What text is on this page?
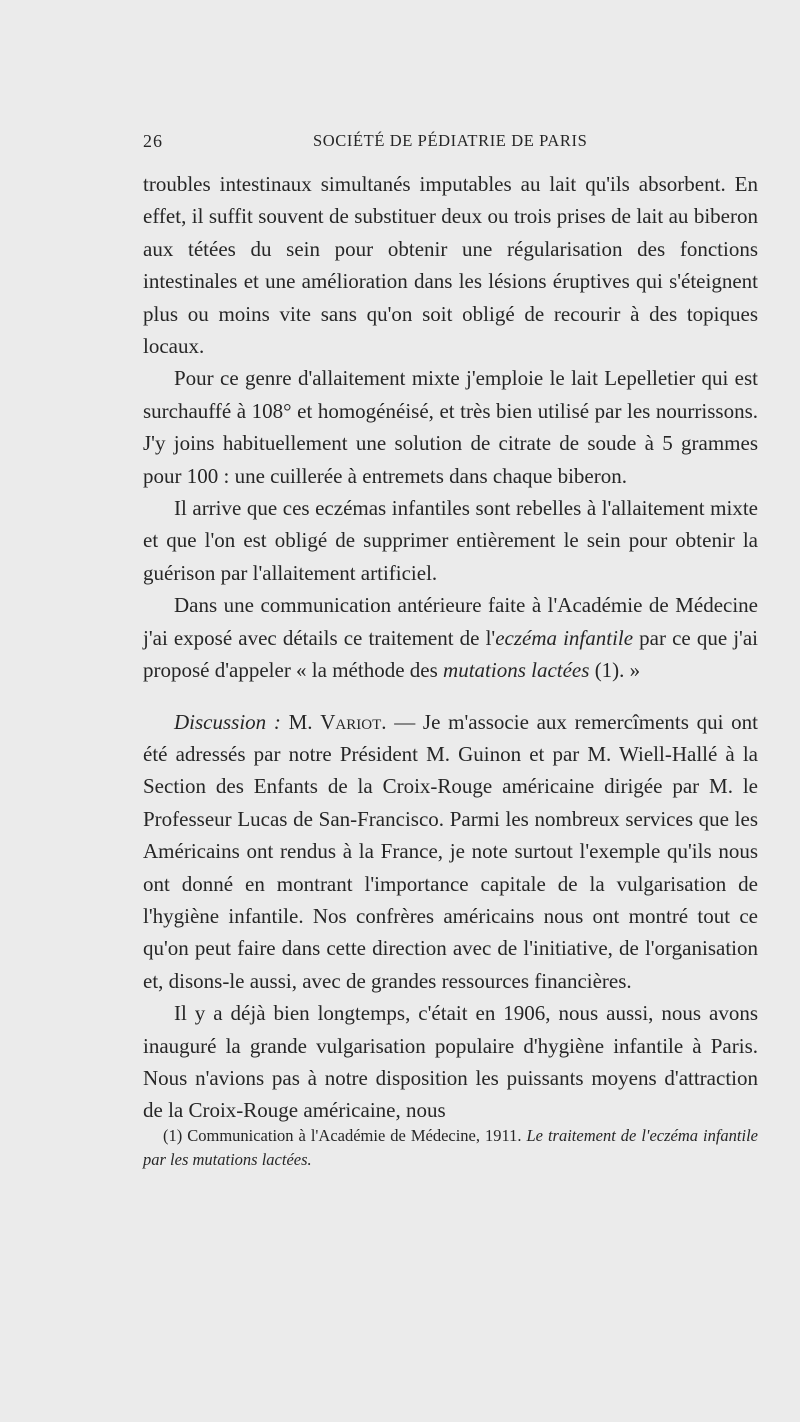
26	SOCIÉTÉ DE PÉDIATRIE DE PARIS

troubles intestinaux simultanés imputables au lait qu'ils absorbent. En effet, il suffit souvent de substituer deux ou trois prises de lait au biberon aux tétées du sein pour obtenir une régularisation des fonctions intestinales et une amélioration dans les lésions éruptives qui s'éteignent plus ou moins vite sans qu'on soit obligé de recourir à des topiques locaux.

Pour ce genre d'allaitement mixte j'emploie le lait Lepelletier qui est surchauffé à 108° et homogénéisé, et très bien utilisé par les nourrissons. J'y joins habituellement une solution de citrate de soude à 5 grammes pour 100 : une cuillerée à entremets dans chaque biberon.

Il arrive que ces eczémas infantiles sont rebelles à l'allaitement mixte et que l'on est obligé de supprimer entièrement le sein pour obtenir la guérison par l'allaitement artificiel.

Dans une communication antérieure faite à l'Académie de Médecine j'ai exposé avec détails ce traitement de l'eczéma infantile par ce que j'ai proposé d'appeler « la méthode des mutations lactées (1). »

Discussion : M. Variot. — Je m'associe aux remercîments qui ont été adressés par notre Président M. Guinon et par M. Wiell-Hallé à la Section des Enfants de la Croix-Rouge américaine dirigée par M. le Professeur Lucas de San-Francisco. Parmi les nombreux services que les Américains ont rendus à la France, je note surtout l'exemple qu'ils nous ont donné en montrant l'importance capitale de la vulgarisation de l'hygiène infantile. Nos confrères américains nous ont montré tout ce qu'on peut faire dans cette direction avec de l'initiative, de l'organisation et, disons-le aussi, avec de grandes ressources financières.

Il y a déjà bien longtemps, c'était en 1906, nous aussi, nous avons inauguré la grande vulgarisation populaire d'hygiène infantile à Paris. Nous n'avions pas à notre disposition les puissants moyens d'attraction de la Croix-Rouge américaine, nous

(1) Communication à l'Académie de Médecine, 1911. Le traitement de l'eczéma infantile par les mutations lactées.
